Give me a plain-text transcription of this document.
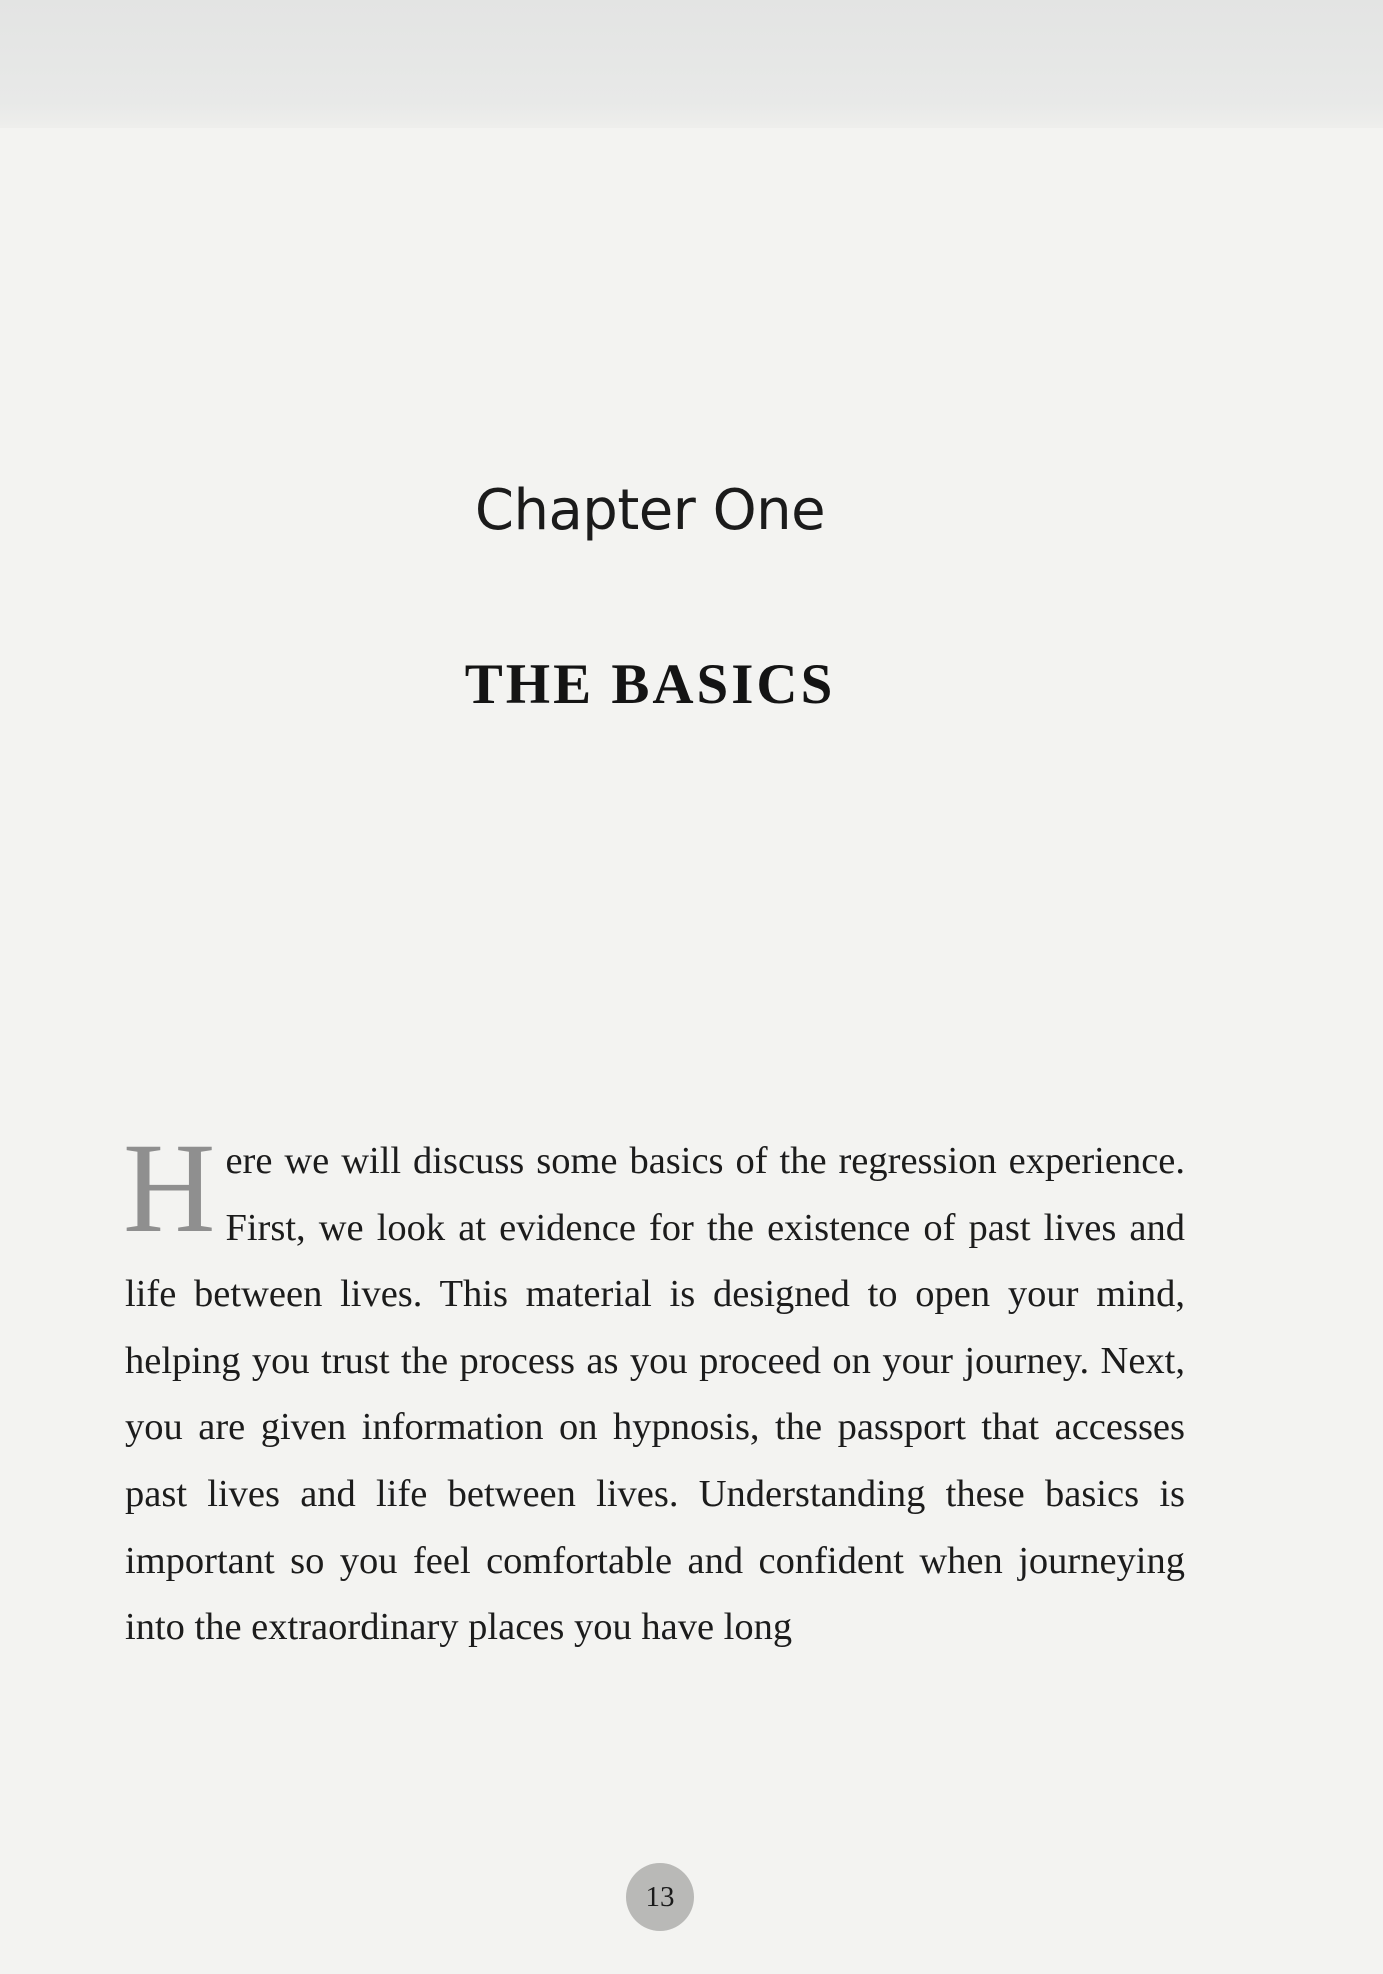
Chapter One
THE BASICS

Here we will discuss some basics of the regression experience. First, we look at evidence for the existence of past lives and life between lives. This material is designed to open your mind, helping you trust the process as you proceed on your journey. Next, you are given information on hypnosis, the passport that accesses past lives and life between lives. Understanding these basics is important so you feel comfortable and confident when journeying into the extraordinary places you have long

13
